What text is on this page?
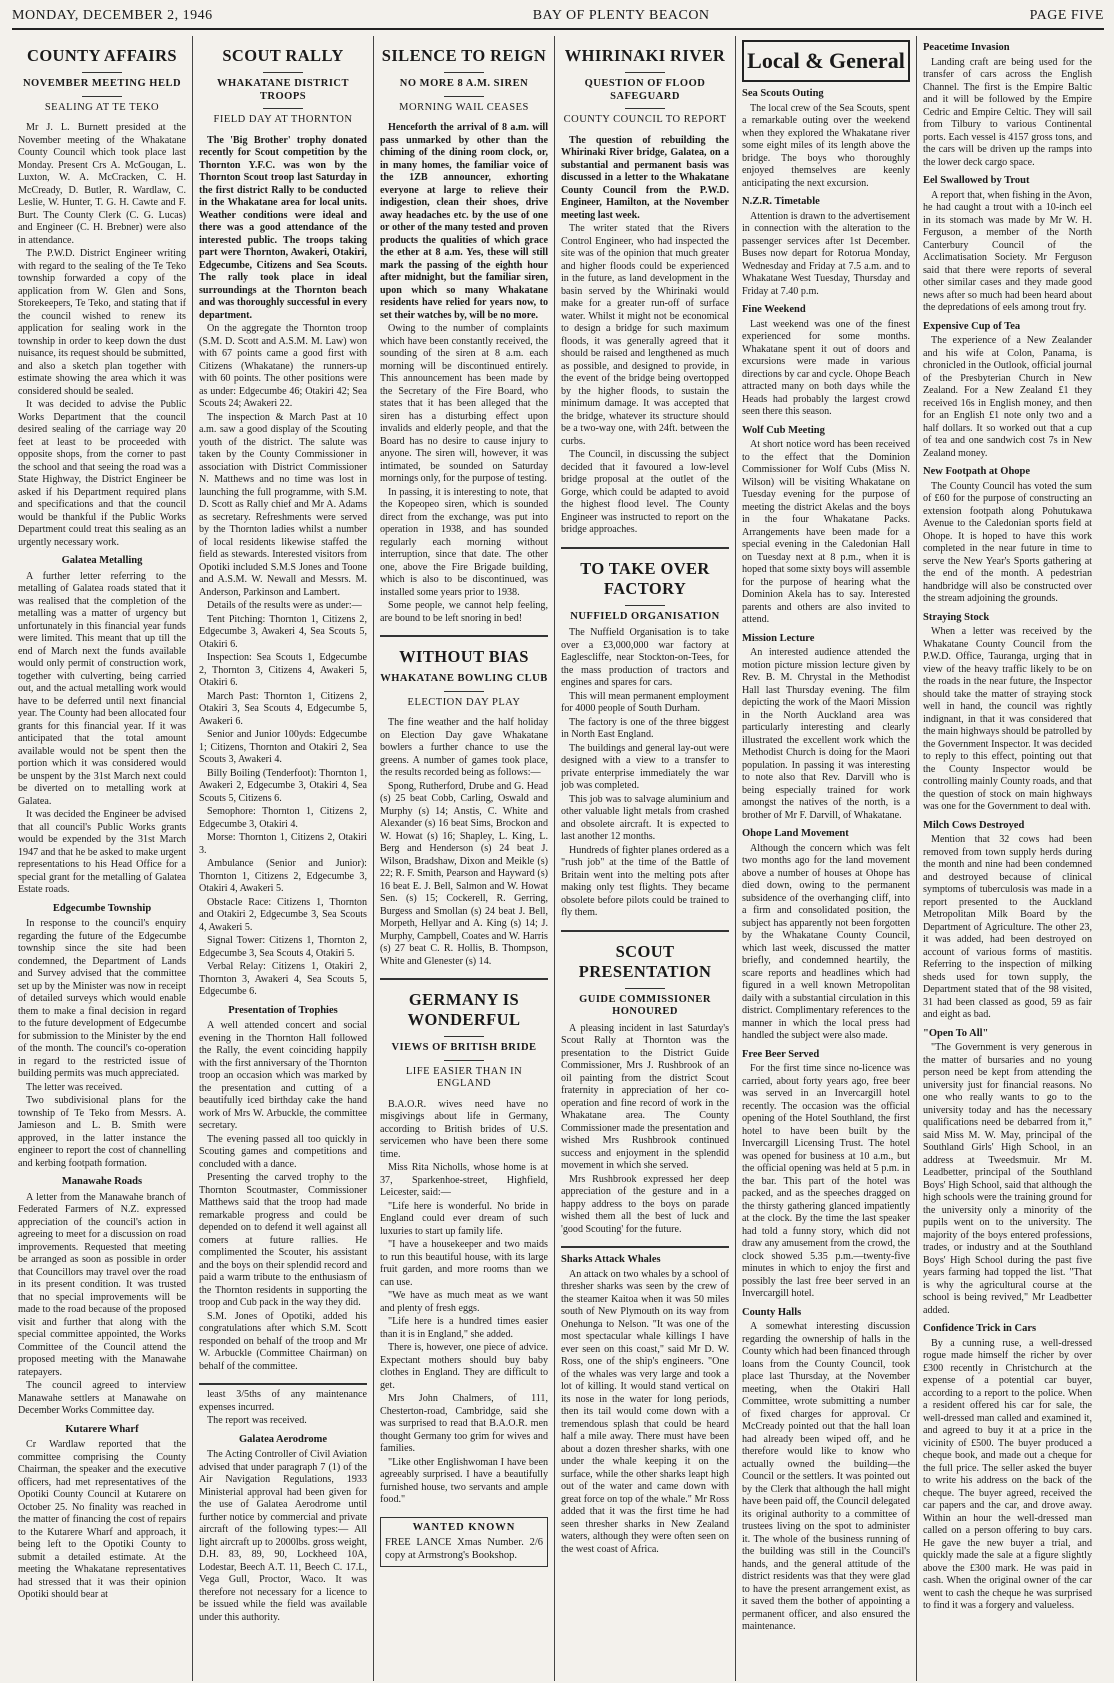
MONDAY, DECEMBER 2, 1946	BAY OF PLENTY BEACON	PAGE FIVE
COUNTY AFFAIRS
NOVEMBER MEETING HELD
SEALING AT TE TEKO

Mr J. L. Burnett presided at the November meeting of the Whakatane County Council which took place last Monday. Present Crs A. McGougan, L. Luxton, W. A. McCracken, C. H. McCready, D. Butler, R. Wardlaw, C. Leslie, W. Hunter, T. G. H. Cawte and F. Burt. The County Clerk (C. G. Lucas) and Engineer (C. H. Brebner) were also in attendance.

The P.W.D. District Engineer writing with regard to the sealing of the Te Teko township forwarded a copy of the application from W. Glen and Sons, Storekeepers, Te Teko, and stating that if the council wished to renew its application for sealing work in the township in order to keep down the dust nuisance, its request should be submitted, and also a sketch plan together with estimate showing the area which it was considered should be sealed.

It was decided to advise the Public Works Department that the council desired sealing of the carriage way 20 feet at least to be proceeded with opposite shops, from the corner to past the school and that seeing the road was a State Highway, the District Engineer be asked if his Department required plans and specifications and that the council would be thankful if the Public Works Department could treat this sealing as an urgently necessary work.

Galatea Metalling

A further letter referring to the metalling of Galatea roads stated that it was realised that the completion of the metalling was a matter of urgency but unfortunately in this financial year funds were limited. This meant that up till the end of March next the funds available would only permit of construction work, together with culverting, being carried out, and the actual metalling work would have to be deferred until next financial year. The County had been allocated four grants for this financial year. If it was anticipated that the total amount available would not be spent then the portion which it was considered would be unspent by the 31st March next could be diverted on to metalling work at Galatea.

It was decided the Engineer be advised that all council's Public Works grants would be expended by the 31st March 1947 and that he be asked to make urgent representations to his Head Office for a special grant for the metalling of Galatea Estate roads.

Edgecumbe Township

In response to the council's enquiry regarding the future of the Edgecumbe township since the site had been condemned, the Department of Lands and Survey advised that the committee set up by the Minister was now in receipt of detailed surveys which would enable them to make a final decision in regard to the future development of Edgecumbe for submission to the Minister by the end of the month. The council's co-operation in regard to the restricted issue of building permits was much appreciated.

The letter was received.

Two subdivisional plans for the township of Te Teko from Messrs. A. Jamieson and L. B. Smith were approved, in the latter instance the engineer to report the cost of channelling and kerbing footpath formation.

Manawahe Roads

A letter from the Manawahe branch of Federated Farmers of N.Z. expressed appreciation of the council's action in agreeing to meet for a discussion on road improvements. Requested that meeting be arranged as soon as possible in order that Councillors may travel over the road in its present condition. It was trusted that no special improvements will be made to the road because of the proposed visit and further that along with the special committee appointed, the Works Committee of the Council attend the proposed meeting with the Manawahe ratepayers.

The council agreed to interview Manawahe settlers at Manawahe on December Works Committee day.

Kutarere Wharf

Cr Wardlaw reported that the committee comprising the County Chairman, the speaker and the executive officers, had met representatives of the Opotiki County Council at Kutarere on October 25. No finality was reached in the matter of financing the cost of repairs to the Kutarere Wharf and approach, it being left to the Opotiki County to submit a detailed estimate. At the meeting the Whakatane representatives had stressed that it was their opinion Opotiki should bear at

SCOUT RALLY
WHAKATANE DISTRICT TROOPS
FIELD DAY AT THORNTON

The 'Big Brother' trophy donated recently for Scout competition by the Thornton Y.F.C. was won by the Thornton Scout troop last Saturday in the first district Rally to be conducted in the Whakatane area for local units. Weather conditions were ideal and there was a good attendance of the interested public. The troops taking part were Thornton, Awakeri, Otakiri, Edgecumbe, Citizens and Sea Scouts. The rally took place in ideal surroundings at the Thornton beach and was thoroughly successful in every department.

On the aggregate the Thornton troop (S.M. D. Scott and A.S.M. M. Law) won with 67 points came a good first with Citizens (Whakatane) the runners-up with 60 points. The other positions were as under: Edgecumbe 46; Otakiri 42; Sea Scouts 24; Awakeri 22.

The inspection & March Past at 10 a.m. saw a good display of the Scouting youth of the district. The salute was taken by the County Commissioner in association with District Commissioner N. Matthews and no time was lost in launching the full programme, with S.M. D. Scott as Rally chief and Mr A. Adams as secretary. Refreshments were served by the Thornton ladies whilst a number of local residents likewise staffed the field as stewards. Interested visitors from Opotiki included S.M.S Jones and Toone and A.S.M. W. Newall and Messrs. M. Anderson, Parkinson and Lambert.

Details of the results were as under:—

Tent Pitching: Thornton 1, Citizens 2, Edgecumbe 3, Awakeri 4, Sea Scouts 5, Otakiri 6.

Inspection: Sea Scouts 1, Edgecumbe 2, Thornton 3, Citizens 4, Awakeri 5, Otakiri 6.

March Past: Thornton 1, Citizens 2, Otakiri 3, Sea Scouts 4, Edgecumbe 5, Awakeri 6.

Senior and Junior 100yds: Edgecumbe 1; Citizens, Thornton and Otakiri 2, Sea Scouts 3, Awakeri 4.

Billy Boiling (Tenderfoot): Thornton 1, Awakeri 2, Edgecumbe 3, Otakiri 4, Sea Scouts 5, Citizens 6.

Semophore: Thornton 1, Citizens 2, Edgecumbe 3, Otakiri 4.

Morse: Thornton 1, Citizens 2, Otakiri 3.

Ambulance (Senior and Junior): Thornton 1, Citizens 2, Edgecumbe 3, Otakiri 4, Awakeri 5.

Obstacle Race: Citizens 1, Thornton and Otakiri 2, Edgecumbe 3, Sea Scouts 4, Awakeri 5.

Signal Tower: Citizens 1, Thornton 2, Edgecumbe 3, Sea Scouts 4, Otakiri 5.

Verbal Relay: Citizens 1, Otakiri 2, Thornton 3, Awakeri 4, Sea Scouts 5, Edgecumbe 6.

Presentation of Trophies

A well attended concert and social evening in the Thornton Hall followed the Rally, the event coinciding happily with the first anniversary of the Thornton troop an occasion which was marked by the presentation and cutting of a beautifully iced birthday cake the hand work of Mrs W. Arbuckle, the committee secretary.

The evening passed all too quickly in Scouting games and competitions and concluded with a dance.

Presenting the carved trophy to the Thornton Scoutmaster, Commissioner Matthews said that the troop had made remarkable progress and could be depended on to defend it well against all comers at future rallies. He complimented the Scouter, his assistant and the boys on their splendid record and paid a warm tribute to the enthusiasm of the Thornton residents in supporting the troop and Cub pack in the way they did.

S.M. Jones of Opotiki, added his congratulations after which S.M. Scott responded on behalf of the troop and Mr W. Arbuckle (Committee Chairman) on behalf of the committee.

least 3/5ths of any maintenance expenses incurred.

The report was received.

Galatea Aerodrome

The Acting Controller of Civil Aviation advised that under paragraph 7 (1) of the Air Navigation Regulations, 1933 Ministerial approval had been given for the use of Galatea Aerodrome until further notice by commercial and private aircraft of the following types:— All light aircraft up to 2000lbs. gross weight, D.H. 83, 89, 90, Lockheed 10A, Lodestar, Beech A.T. 11, Beech C. 17.L, Vega Gull, Proctor, Waco. It was therefore not necessary for a licence to be issued while the field was available under this authority.

SILENCE TO REIGN
NO MORE 8 A.M. SIREN
MORNING WAIL CEASES

Henceforth the arrival of 8 a.m. will pass unmarked by other than the chiming of the dining room clock, or, in many homes, the familiar voice of the 1ZB announcer, exhorting everyone at large to relieve their indigestion, clean their shoes, drive away headaches etc. by the use of one or other of the many tested and proven products the qualities of which grace the ether at 8 a.m. Yes, these will still mark the passing of the eighth hour after midnight, but the familiar siren, upon which so many Whakatane residents have relied for years now, to set their watches by, will be no more.

Owing to the number of complaints which have been constantly received, the sounding of the siren at 8 a.m. each morning will be discontinued entirely. This announcement has been made by the Secretary of the Fire Board, who states that it has been alleged that the siren has a disturbing effect upon invalids and elderly people, and that the Board has no desire to cause injury to anyone. The siren will, however, it was intimated, be sounded on Saturday mornings only, for the purpose of testing.

In passing, it is interesting to note, that the Kopeopeo siren, which is sounded direct from the exchange, was put into operation in 1938, and has sounded regularly each morning without interruption, since that date. The other one, above the Fire Brigade building, which is also to be discontinued, was installed some years prior to 1938.

Some people, we cannot help feeling, are bound to be left snoring in bed!

WITHOUT BIAS
WHAKATANE BOWLING CLUB
ELECTION DAY PLAY

The fine weather and the half holiday on Election Day gave Whakatane bowlers a further chance to use the greens. A number of games took place, the results recorded being as follows:—

Spong, Rutherford, Drube and G. Head (s) 25 beat Cobb, Carling, Oswald and Murphy (s) 14; Anstis, C. White and Alexander (s) 16 beat Sims, Brockon and W. Howat (s) 16; Shapley, L. King, L. Berg and Henderson (s) 24 beat J. Wilson, Bradshaw, Dixon and Meikle (s) 22; R. F. Smith, Pearson and Hayward (s) 16 beat E. J. Bell, Salmon and W. Howat Sen. (s) 15; Cockerell, R. Gerring, Burgess and Smollan (s) 24 beat J. Bell, Morpeth, Hellyar and A. King (s) 14; J. Murphy, Campbell, Coates and W. Harris (s) 27 beat C. R. Hollis, B. Thompson, White and Glenester (s) 14.

GERMANY IS WONDERFUL
VIEWS OF BRITISH BRIDE
LIFE EASIER THAN IN ENGLAND

B.A.O.R. wives need have no misgivings about life in Germany, according to British brides of U.S. servicemen who have been there some time.

Miss Rita Nicholls, whose home is at 37, Sparkenhoe-street, Highfield, Leicester, said:—

"Life here is wonderful. No bride in England could ever dream of such luxuries to start up family life.

"I have a housekeeper and two maids to run this beautiful house, with its large fruit garden, and more rooms than we can use.

"We have as much meat as we want and plenty of fresh eggs.

"Life here is a hundred times easier than it is in England," she added.

There is, however, one piece of advice. Expectant mothers should buy baby clothes in England. They are difficult to get.

Mrs John Chalmers, of 111, Chesterton-road, Cambridge, said she was surprised to read that B.A.O.R. men thought Germany too grim for wives and families.

"Like other Englishwoman I have been agreeably surprised. I have a beautifully furnished house, two servants and ample food."

WANTED KNOWN
FREE LANCE Xmas Number. 2/6 copy at Armstrong's Bookshop.
WHIRINAKI RIVER
QUESTION OF FLOOD SAFEGUARD
COUNTY COUNCIL TO REPORT

The question of rebuilding the Whirinaki River bridge, Galatea, on a substantial and permanent basis was discussed in a letter to the Whakatane County Council from the P.W.D. Engineer, Hamilton, at the November meeting last week.

The writer stated that the Rivers Control Engineer, who had inspected the site was of the opinion that much greater and higher floods could be experienced in the future, as land development in the basin served by the Whirinaki would make for a greater run-off of surface water. Whilst it might not be economical to design a bridge for such maximum floods, it was generally agreed that it should be raised and lengthened as much as possible, and designed to provide, in the event of the bridge being overtopped by the higher floods, to sustain the minimum damage. It was accepted that the bridge, whatever its structure should be a two-way one, with 24ft. between the curbs.

The Council, in discussing the subject decided that it favoured a low-level bridge proposal at the outlet of the Gorge, which could be adapted to avoid the highest flood level. The County Engineer was instructed to report on the bridge approaches.

TO TAKE OVER FACTORY
NUFFIELD ORGANISATION

The Nuffield Organisation is to take over a £3,000,000 war factory at Eaglescliffe, near Stockton-on-Tees, for the mass production of tractors and engines and spares for cars.

This will mean permanent employment for 4000 people of South Durham.

The factory is one of the three biggest in North East England.

The buildings and general lay-out were designed with a view to a transfer to private enterprise immediately the war job was completed.

This job was to salvage aluminium and other valuable light metals from crashed and obsolete aircraft. It is expected to last another 12 months.

Hundreds of fighter planes ordered as a "rush job" at the time of the Battle of Britain went into the melting pots after making only test flights. They became obsolete before pilots could be trained to fly them.

SCOUT PRESENTATION
GUIDE COMMISSIONER HONOURED

A pleasing incident in last Saturday's Scout Rally at Thornton was the presentation to the District Guide Commissioner, Mrs J. Rushbrook of an oil painting from the district Scout fraternity in appreciation of her co-operation and fine record of work in the Whakatane area. The County Commissioner made the presentation and wished Mrs Rushbrook continued success and enjoyment in the splendid movement in which she served.

Mrs Rushbrook expressed her deep appreciation of the gesture and in a happy address to the boys on parade wished them all the best of luck and 'good Scouting' for the future.

Sharks Attack Whales

An attack on two whales by a school of thresher sharks was seen by the crew of the steamer Kaitoa when it was 50 miles south of New Plymouth on its way from Onehunga to Nelson. "It was one of the most spectacular whale killings I have ever seen on this coast," said Mr D. W. Ross, one of the ship's engineers. "One of the whales was very large and took a lot of killing. It would stand vertical on its nose in the water for long periods, then its tail would come down with a tremendous splash that could be heard half a mile away. There must have been about a dozen thresher sharks, with one under the whale keeping it on the surface, while the other sharks leapt high out of the water and came down with great force on top of the whale." Mr Ross added that it was the first time he had seen thresher sharks in New Zealand waters, although they were often seen on the west coast of Africa.

Local & General
Sea Scouts Outing

The local crew of the Sea Scouts, spent a remarkable outing over the weekend when they explored the Whakatane river some eight miles of its length above the bridge. The boys who thoroughly enjoyed themselves are keenly anticipating the next excursion.

N.Z.R. Timetable

Attention is drawn to the advertisement in connection with the alteration to the passenger services after 1st December. Buses now depart for Rotorua Monday, Wednesday and Friday at 7.5 a.m. and to Whakatane West Tuesday, Thursday and Friday at 7.40 p.m.

Fine Weekend

Last weekend was one of the finest experienced for some months. Whakatane spent it out of doors and excursions were made in various directions by car and cycle. Ohope Beach attracted many on both days while the Heads had probably the largest crowd seen there this season.

Wolf Cub Meeting

At short notice word has been received to the effect that the Dominion Commissioner for Wolf Cubs (Miss N. Wilson) will be visiting Whakatane on Tuesday evening for the purpose of meeting the district Akelas and the boys in the four Whakatane Packs. Arrangements have been made for a special evening in the Caledonian Hall on Tuesday next at 8 p.m., when it is hoped that some sixty boys will assemble for the purpose of hearing what the Dominion Akela has to say. Interested parents and others are also invited to attend.

Mission Lecture

An interested audience attended the motion picture mission lecture given by Rev. B. M. Chrystal in the Methodist Hall last Thursday evening. The film depicting the work of the Maori Mission in the North Auckland area was particularly interesting and clearly illustrated the excellent work which the Methodist Church is doing for the Maori population. In passing it was interesting to note also that Rev. Darvill who is being especially trained for work amongst the natives of the north, is a brother of Mr F. Darvill, of Whakatane.

Ohope Land Movement

Although the concern which was felt two months ago for the land movement above a number of houses at Ohope has died down, owing to the permanent subsidence of the overhanging cliff, into a firm and consolidated position, the subject has apparently not been forgotten by the Whakatane County Council, which last week, discussed the matter briefly, and condemned heartily, the scare reports and headlines which had figured in a well known Metropolitan daily with a substantial circulation in this district. Complimentary references to the manner in which the local press had handled the subject were also made.

Free Beer Served

For the first time since no-licence was carried, about forty years ago, free beer was served in an Invercargill hotel recently. The occasion was the official opening of the Hotel Southland, the first hotel to have been built by the Invercargill Licensing Trust. The hotel was opened for business at 10 a.m., but the official opening was held at 5 p.m. in the bar. This part of the hotel was packed, and as the speeches dragged on the thirsty gathering glanced impatiently at the clock. By the time the last speaker had told a funny story, which did not draw any amusement from the crowd, the clock showed 5.35 p.m.—twenty-five minutes in which to enjoy the first and possibly the last free beer served in an Invercargill hotel.

County Halls

A somewhat interesting discussion regarding the ownership of halls in the County which had been financed through loans from the County Council, took place last Thursday, at the November meeting, when the Otakiri Hall Committee, wrote submitting a number of fixed charges for approval. Cr McCready pointed out that the hall loan had already been wiped off, and he therefore would like to know who actually owned the building—the Council or the settlers. It was pointed out by the Clerk that although the hall might have been paid off, the Council delegated its original authority to a committee of trustees living on the spot to administer it. The whole of the business running of the building was still in the Council's hands, and the general attitude of the district residents was that they were glad to have the present arrangement exist, as it saved them the bother of appointing a permanent officer, and also ensured the maintenance.

Peacetime Invasion

Landing craft are being used for the transfer of cars across the English Channel. The first is the Empire Baltic and it will be followed by the Empire Cedric and Empire Celtic. They will sail from Tilbury to various Continental ports. Each vessel is 4157 gross tons, and the cars will be driven up the ramps into the lower deck cargo space.

Eel Swallowed by Trout

A report that, when fishing in the Avon, he had caught a trout with a 10-inch eel in its stomach was made by Mr W. H. Ferguson, a member of the North Canterbury Council of the Acclimatisation Society. Mr Ferguson said that there were reports of several other similar cases and they made good news after so much had been heard about the depredations of eels among trout fry.

Expensive Cup of Tea

The experience of a New Zealander and his wife at Colon, Panama, is chronicled in the Outlook, official journal of the Presbyterian Church in New Zealand. For a New Zealand £1 they received 16s in English money, and then for an English £1 note only two and a half dollars. It so worked out that a cup of tea and one sandwich cost 7s in New Zealand money.

New Footpath at Ohope

The County Council has voted the sum of £60 for the purpose of constructing an extension footpath along Pohutukawa Avenue to the Caledonian sports field at Ohope. It is hoped to have this work completed in the near future in time to serve the New Year's Sports gathering at the end of the month. A pedestrian handbridge will also be constructed over the stream adjoining the grounds.

Straying Stock

When a letter was received by the Whakatane County Council from the P.W.D. Office, Tauranga, urging that in view of the heavy traffic likely to be on the roads in the near future, the Inspector should take the matter of straying stock well in hand, the council was rightly indignant, in that it was considered that the main highways should be patrolled by the Government Inspector. It was decided to reply to this effect, pointing out that the County Inspector would be controlling mainly County roads, and that the question of stock on main highways was one for the Government to deal with.

Milch Cows Destroyed

Mention that 32 cows had been removed from town supply herds during the month and nine had been condemned and destroyed because of clinical symptoms of tuberculosis was made in a report presented to the Auckland Metropolitan Milk Board by the Department of Agriculture. The other 23, it was added, had been destroyed on account of various forms of mastitis. Referring to the inspection of milking sheds used for town supply, the Department stated that of the 98 visited, 31 had been classed as good, 59 as fair and eight as bad.

"Open To All"

"The Government is very generous in the matter of bursaries and no young person need be kept from attending the university just for financial reasons. No one who really wants to go to the university today and has the necessary qualifications need be debarred from it," said Miss M. W. May, principal of the Southland Girls' High School, in an address at Tweedsmuir. Mr M. Leadbetter, principal of the Southland Boys' High School, said that although the high schools were the training ground for the university only a minority of the pupils went on to the university. The majority of the boys entered professions, trades, or industry and at the Southland Boys' High School during the past five years farming had topped the list. "That is why the agricultural course at the school is being revived," Mr Leadbetter added.

Confidence Trick in Cars

By a cunning ruse, a well-dressed rogue made himself the richer by over £300 recently in Christchurch at the expense of a potential car buyer, according to a report to the police. When a resident offered his car for sale, the well-dressed man called and examined it, and agreed to buy it at a price in the vicinity of £500. The buyer produced a cheque book, and made out a cheque for the full price. The seller asked the buyer to write his address on the back of the cheque. The buyer agreed, received the car papers and the car, and drove away. Within an hour the well-dressed man called on a person offering to buy cars. He gave the new buyer a trial, and quickly made the sale at a figure slightly above the £300 mark. He was paid in cash. When the original owner of the car went to cash the cheque he was surprised to find it was a forgery and valueless.
